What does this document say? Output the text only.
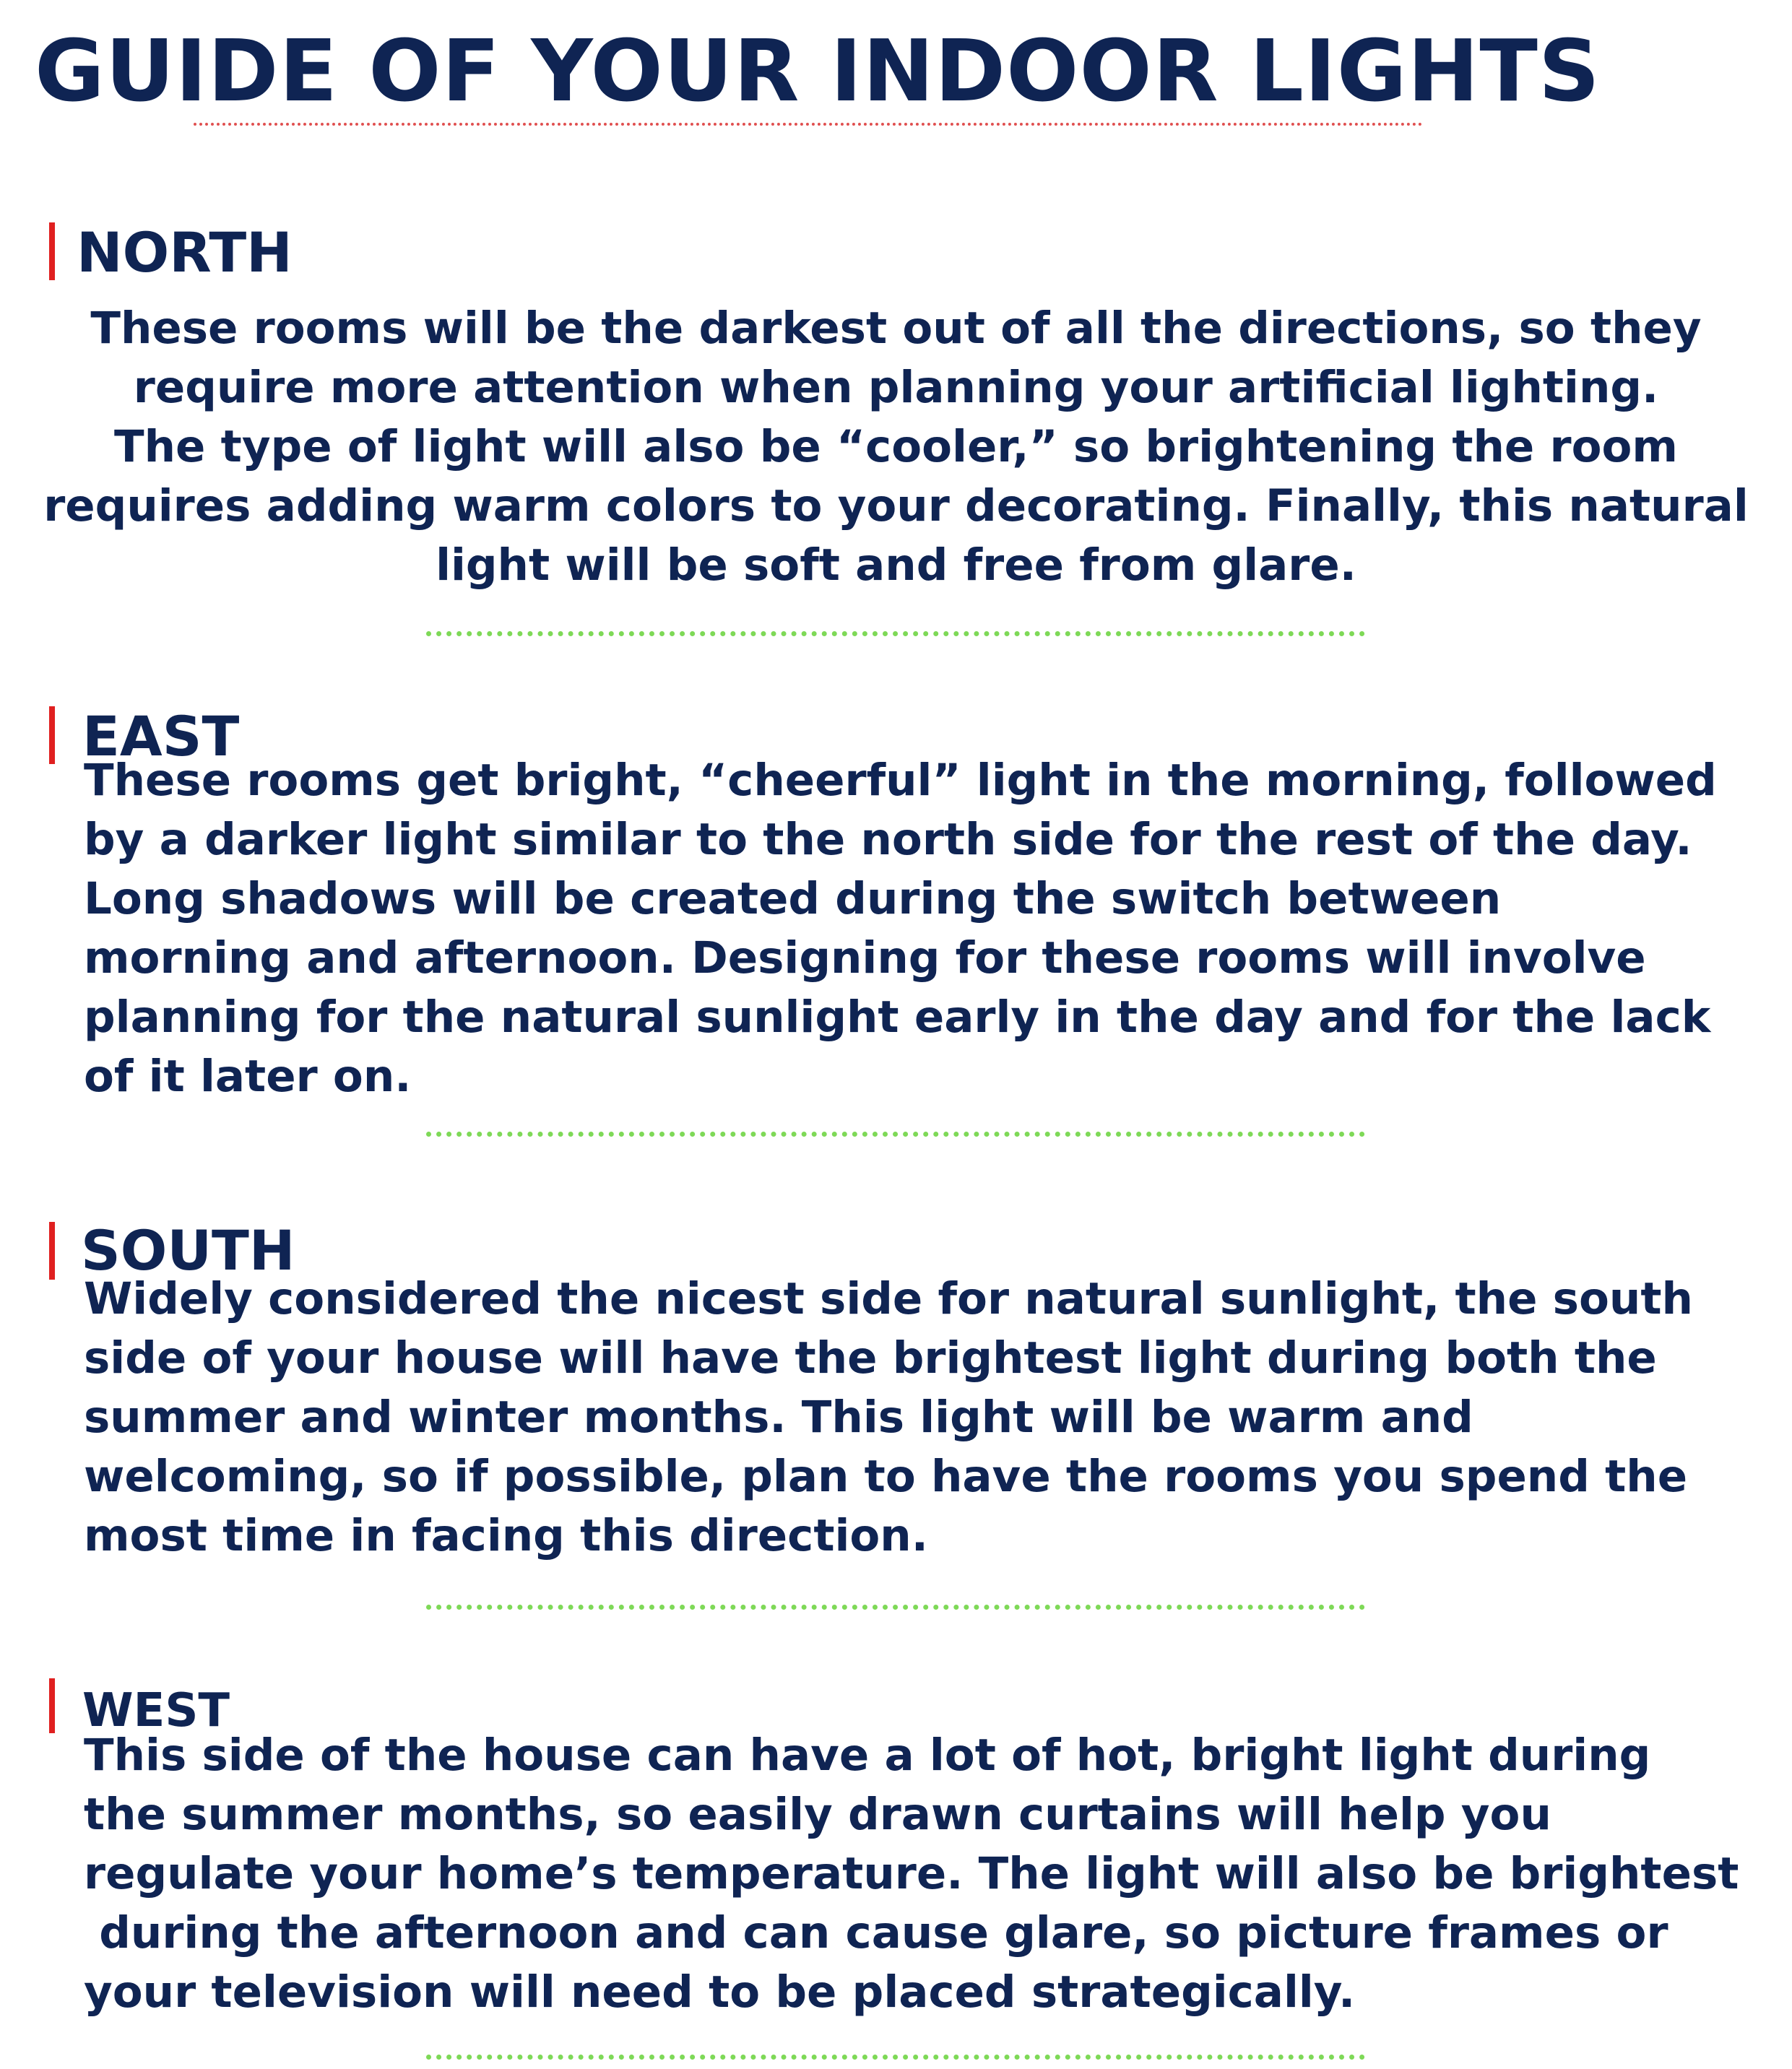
GUIDE OF YOUR INDOOR LIGHTS
NORTH

These rooms will be the darkest out of all the directions, so they
require more attention when planning your artificial lighting.
The type of light will also be “cooler,” so brightening the room
requires adding warm colors to your decorating. Finally, this natural
light will be soft and free from glare.

EAST

These rooms get bright, “cheerful” light in the morning, followed
by a darker light similar to the north side for the rest of the day.
Long shadows will be created during the switch between
morning and afternoon. Designing for these rooms will involve
planning for the natural sunlight early in the day and for the lack
of it later on.

SOUTH

Widely considered the nicest side for natural sunlight, the south
side of your house will have the brightest light during both the
summer and winter months. This light will be warm and
welcoming, so if possible, plan to have the rooms you spend the
most time in facing this direction.

WEST

This side of the house can have a lot of hot, bright light during
the summer months, so easily drawn curtains will help you
regulate your home’s temperature. The light will also be brightest
during the afternoon and can cause glare, so picture frames or
your television will need to be placed strategically.
